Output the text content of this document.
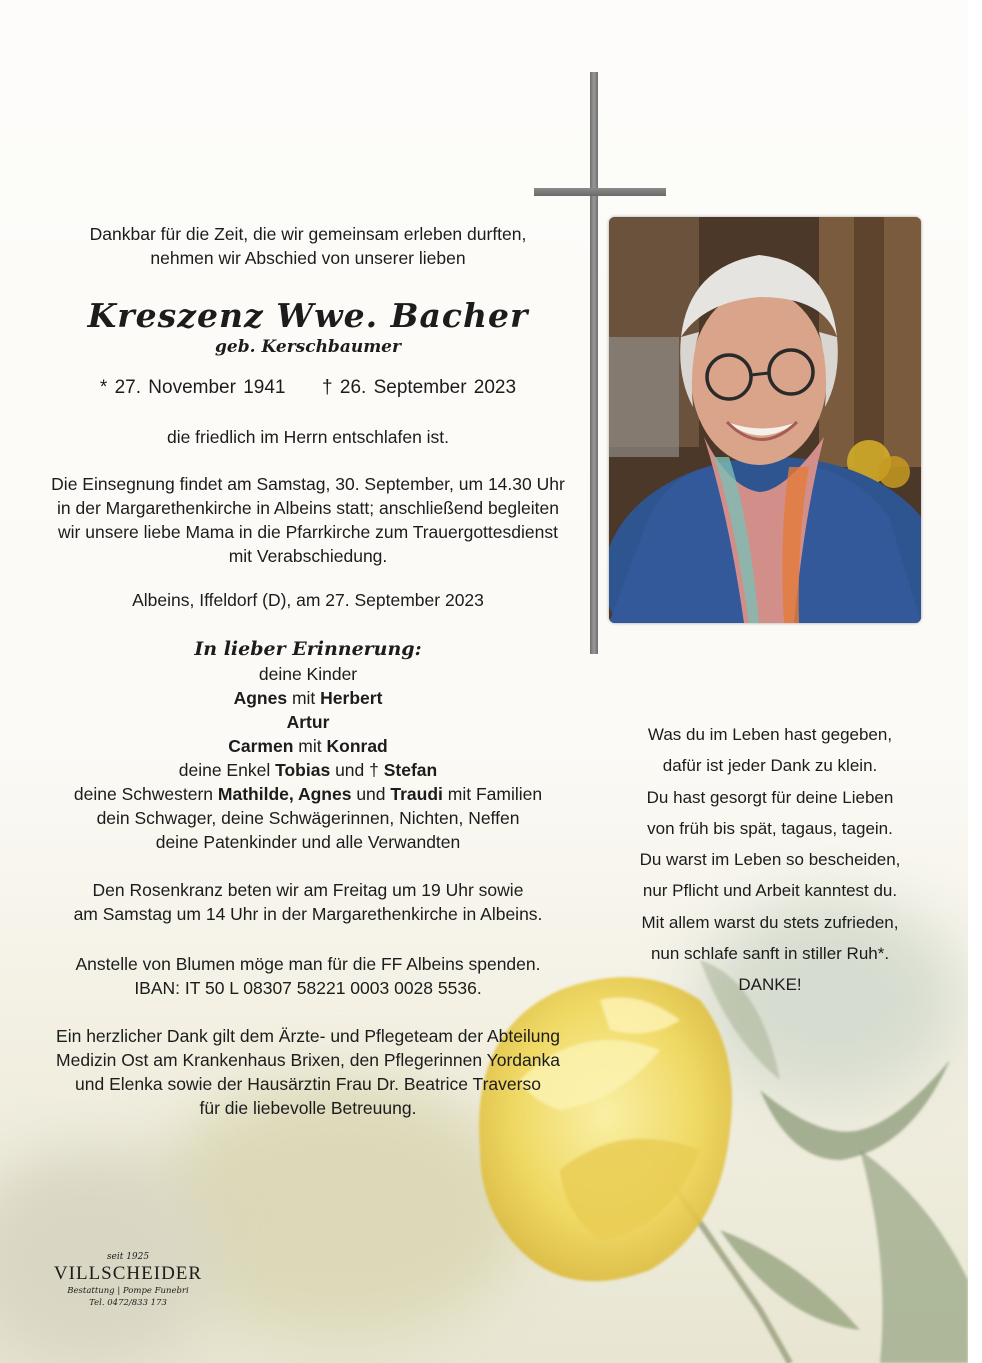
Dankbar für die Zeit, die wir gemeinsam erleben durften,

nehmen wir Abschied von unserer lieben

Kreszenz Wwe. Bacher

geb. Kerschbaumer

* 27. November 1941 † 26. September 2023

die friedlich im Herrn entschlafen ist.

Die Einsegnung findet am Samstag, 30. September, um 14.30 Uhr

in der Margarethenkirche in Albeins statt; anschließend begleiten

wir unsere liebe Mama in die Pfarrkirche zum Trauergottesdienst

mit Verabschiedung.

Albeins, Iffeldorf (D), am 27. September 2023

In lieber Erinnerung:

deine Kinder

Agnes mit Herbert

Artur

Carmen mit Konrad

deine Enkel Tobias und † Stefan

deine Schwestern Mathilde, Agnes und Traudi mit Familien

dein Schwager, deine Schwägerinnen, Nichten, Neffen

deine Patenkinder und alle Verwandten

Den Rosenkranz beten wir am Freitag um 19 Uhr sowie

am Samstag um 14 Uhr in der Margarethenkirche in Albeins.

Anstelle von Blumen möge man für die FF Albeins spenden.

IBAN: IT 50 L 08307 58221 0003 0028 5536.

Ein herzlicher Dank gilt dem Ärzte- und Pflegeteam der Abteilung

Medizin Ost am Krankenhaus Brixen, den Pflegerinnen Yordanka

und Elenka sowie der Hausärztin Frau Dr. Beatrice Traverso

für die liebevolle Betreuung.

Was du im Leben hast gegeben,

dafür ist jeder Dank zu klein.

Du hast gesorgt für deine Lieben

von früh bis spät, tagaus, tagein.

Du warst im Leben so bescheiden,

nur Pflicht und Arbeit kanntest du.

Mit allem warst du stets zufrieden,

nun schlafe sanft in stiller Ruh*.

DANKE!

seit 1925
VILLSCHEIDER
Bestattung | Pompe Funebri
Tel. 0472/833 173
